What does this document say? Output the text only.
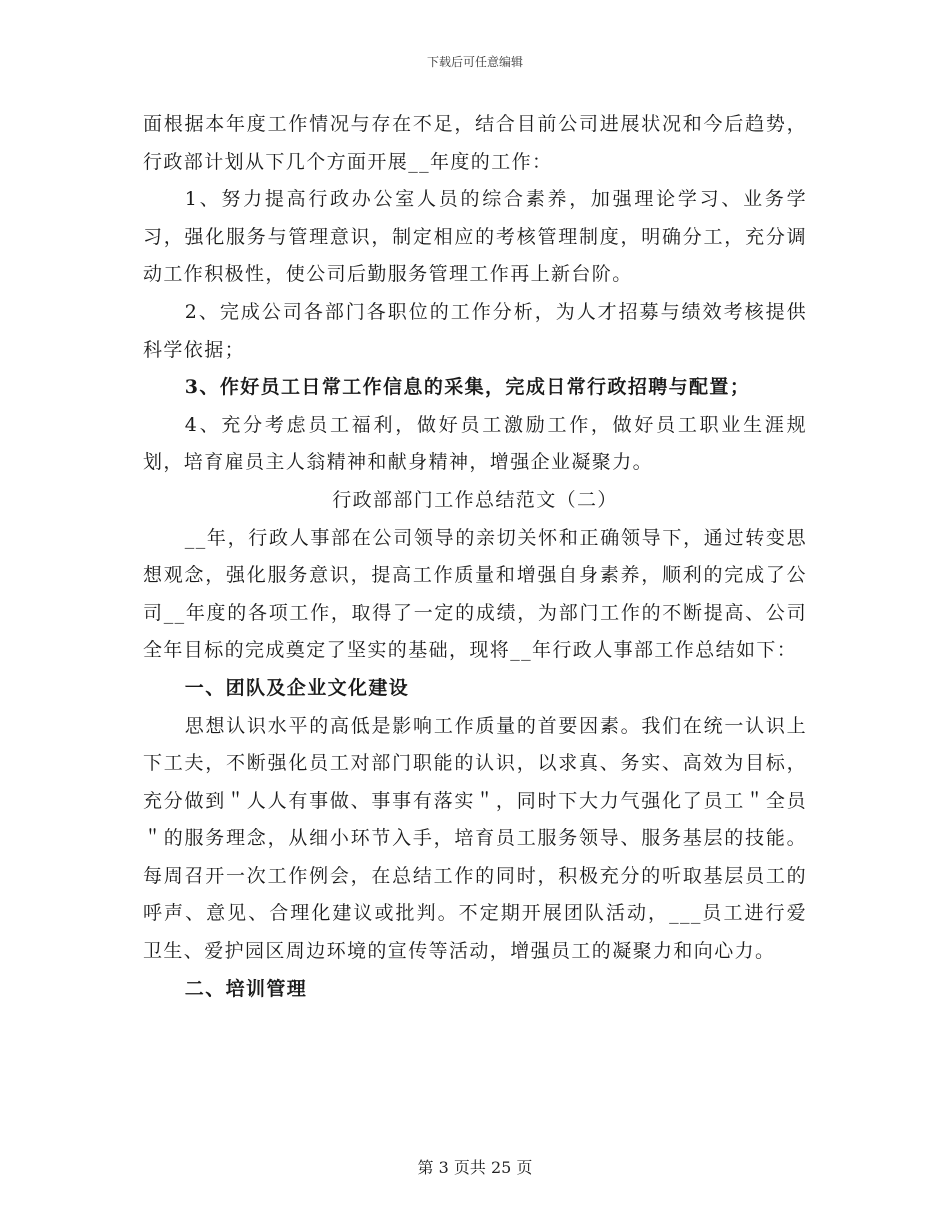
下载后可任意编辑

面根据本年度工作情况与存在不足，结合目前公司进展状况和今后趋势，行政部计划从下几个方面开展__年度的工作：

1、努力提高行政办公室人员的综合素养，加强理论学习、业务学习，强化服务与管理意识，制定相应的考核管理制度，明确分工，充分调动工作积极性，使公司后勤服务管理工作再上新台阶。

2、完成公司各部门各职位的工作分析，为人才招募与绩效考核提供科学依据；

3、作好员工日常工作信息的采集，完成日常行政招聘与配置；

4、充分考虑员工福利，做好员工激励工作，做好员工职业生涯规划，培育雇员主人翁精神和献身精神，增强企业凝聚力。

行政部部门工作总结范文（二）

__年，行政人事部在公司领导的亲切关怀和正确领导下，通过转变思想观念，强化服务意识，提高工作质量和增强自身素养，顺利的完成了公司__年度的各项工作，取得了一定的成绩，为部门工作的不断提高、公司全年目标的完成奠定了坚实的基础，现将__年行政人事部工作总结如下：

一、团队及企业文化建设

思想认识水平的高低是影响工作质量的首要因素。我们在统一认识上下工夫，不断强化员工对部门职能的认识，以求真、务实、高效为目标，充分做到＂人人有事做、事事有落实＂，同时下大力气强化了员工＂全员＂的服务理念，从细小环节入手，培育员工服务领导、服务基层的技能。每周召开一次工作例会，在总结工作的同时，积极充分的听取基层员工的呼声、意见、合理化建议或批判。不定期开展团队活动，___员工进行爱卫生、爱护园区周边环境的宣传等活动，增强员工的凝聚力和向心力。

二、培训管理

第 3 页共 25 页
